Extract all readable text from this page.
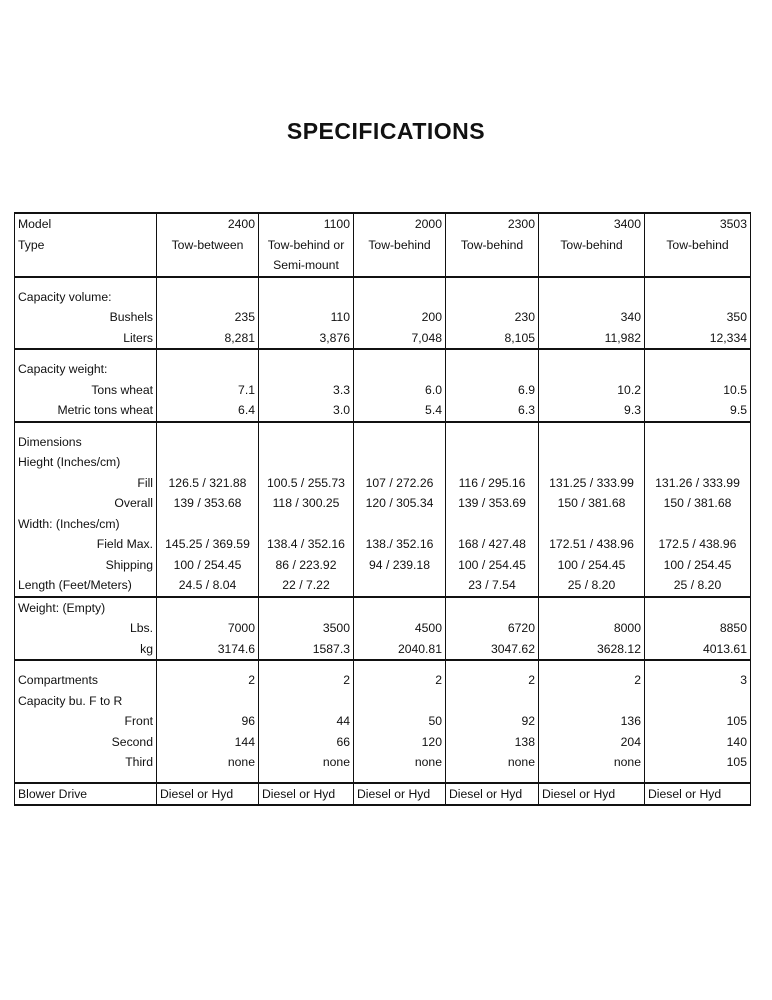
SPECIFICATIONS
Model	2400	1100	2000	2300	3400	3503
Type	Tow-between	Tow-behind or	Tow-behind	Tow-behind	Tow-behind	Tow-behind
		Semi-mount				

Capacity volume:						
Bushels	235	110	200	230	340	350
Liters	8,281	3,876	7,048	8,105	11,982	12,334

Capacity weight:						
Tons wheat	7.1	3.3	6.0	6.9	10.2	10.5
Metric tons wheat	6.4	3.0	5.4	6.3	9.3	9.5

Dimensions						
Hieght (Inches/cm)						
Fill	126.5 / 321.88	100.5 / 255.73	107 / 272.26	116 / 295.16	131.25 / 333.99	131.26 / 333.99
Overall	139 / 353.68	118 / 300.25	120 / 305.34	139 / 353.69	150 / 381.68	150 / 381.68
Width: (Inches/cm)						
Field Max.	145.25 / 369.59	138.4 / 352.16	138./ 352.16	168 / 427.48	172.51 / 438.96	172.5 / 438.96
Shipping	100 / 254.45	86 / 223.92	94 / 239.18	100 / 254.45	100 / 254.45	100 / 254.45
Length (Feet/Meters)	24.5 / 8.04	22 / 7.22		23 / 7.54	25 / 8.20	25 / 8.20
Weight: (Empty)						
Lbs.	7000	3500	4500	6720	8000	8850
kg	3174.6	1587.3	2040.81	3047.62	3628.12	4013.61

Compartments	2	2	2	2	2	3
Capacity bu. F to R						
Front	96	44	50	92	136	105
Second	144	66	120	138	204	140
Third	none	none	none	none	none	105

Blower Drive	Diesel or Hyd	Diesel or Hyd	Diesel or Hyd	Diesel or Hyd	Diesel or Hyd	Diesel or Hyd
